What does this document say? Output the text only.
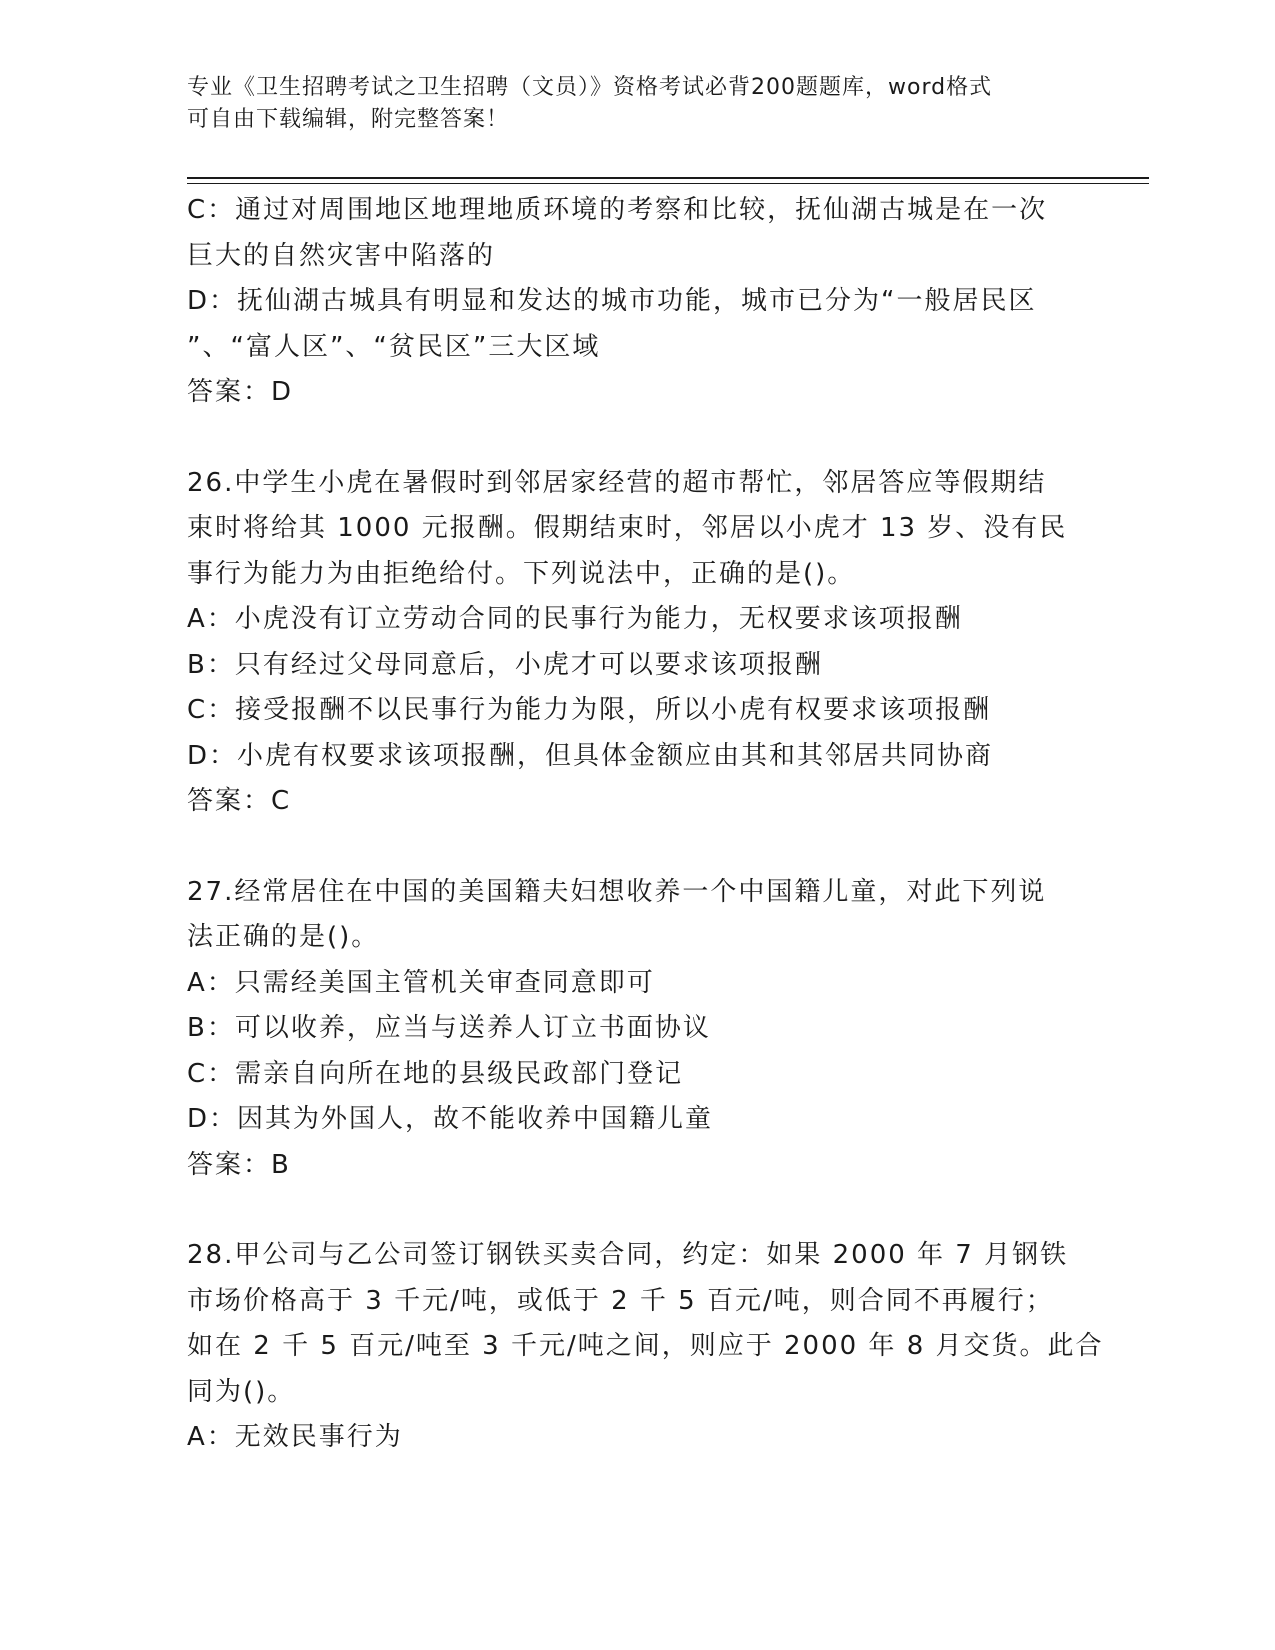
专业《卫生招聘考试之卫生招聘（文员）》资格考试必背200题题库，word格式
可自由下载编辑，附完整答案！
C：通过对周围地区地理地质环境的考察和比较，抚仙湖古城是在一次
巨大的自然灾害中陷落的
D：抚仙湖古城具有明显和发达的城市功能，城市已分为“一般居民区
”、“富人区”、“贫民区”三大区域
答案：D
26.中学生小虎在暑假时到邻居家经营的超市帮忙，邻居答应等假期结
束时将给其 1000 元报酬。假期结束时，邻居以小虎才 13 岁、没有民
事行为能力为由拒绝给付。下列说法中，正确的是()。
A：小虎没有订立劳动合同的民事行为能力，无权要求该项报酬
B：只有经过父母同意后，小虎才可以要求该项报酬
C：接受报酬不以民事行为能力为限，所以小虎有权要求该项报酬
D：小虎有权要求该项报酬，但具体金额应由其和其邻居共同协商
答案：C
27.经常居住在中国的美国籍夫妇想收养一个中国籍儿童，对此下列说
法正确的是()。
A：只需经美国主管机关审查同意即可
B：可以收养，应当与送养人订立书面协议
C：需亲自向所在地的县级民政部门登记
D：因其为外国人，故不能收养中国籍儿童
答案：B
28.甲公司与乙公司签订钢铁买卖合同，约定：如果 2000 年 7 月钢铁
市场价格高于 3 千元/吨，或低于 2 千 5 百元/吨，则合同不再履行；
如在 2 千 5 百元/吨至 3 千元/吨之间，则应于 2000 年 8 月交货。此合
同为()。
A：无效民事行为
